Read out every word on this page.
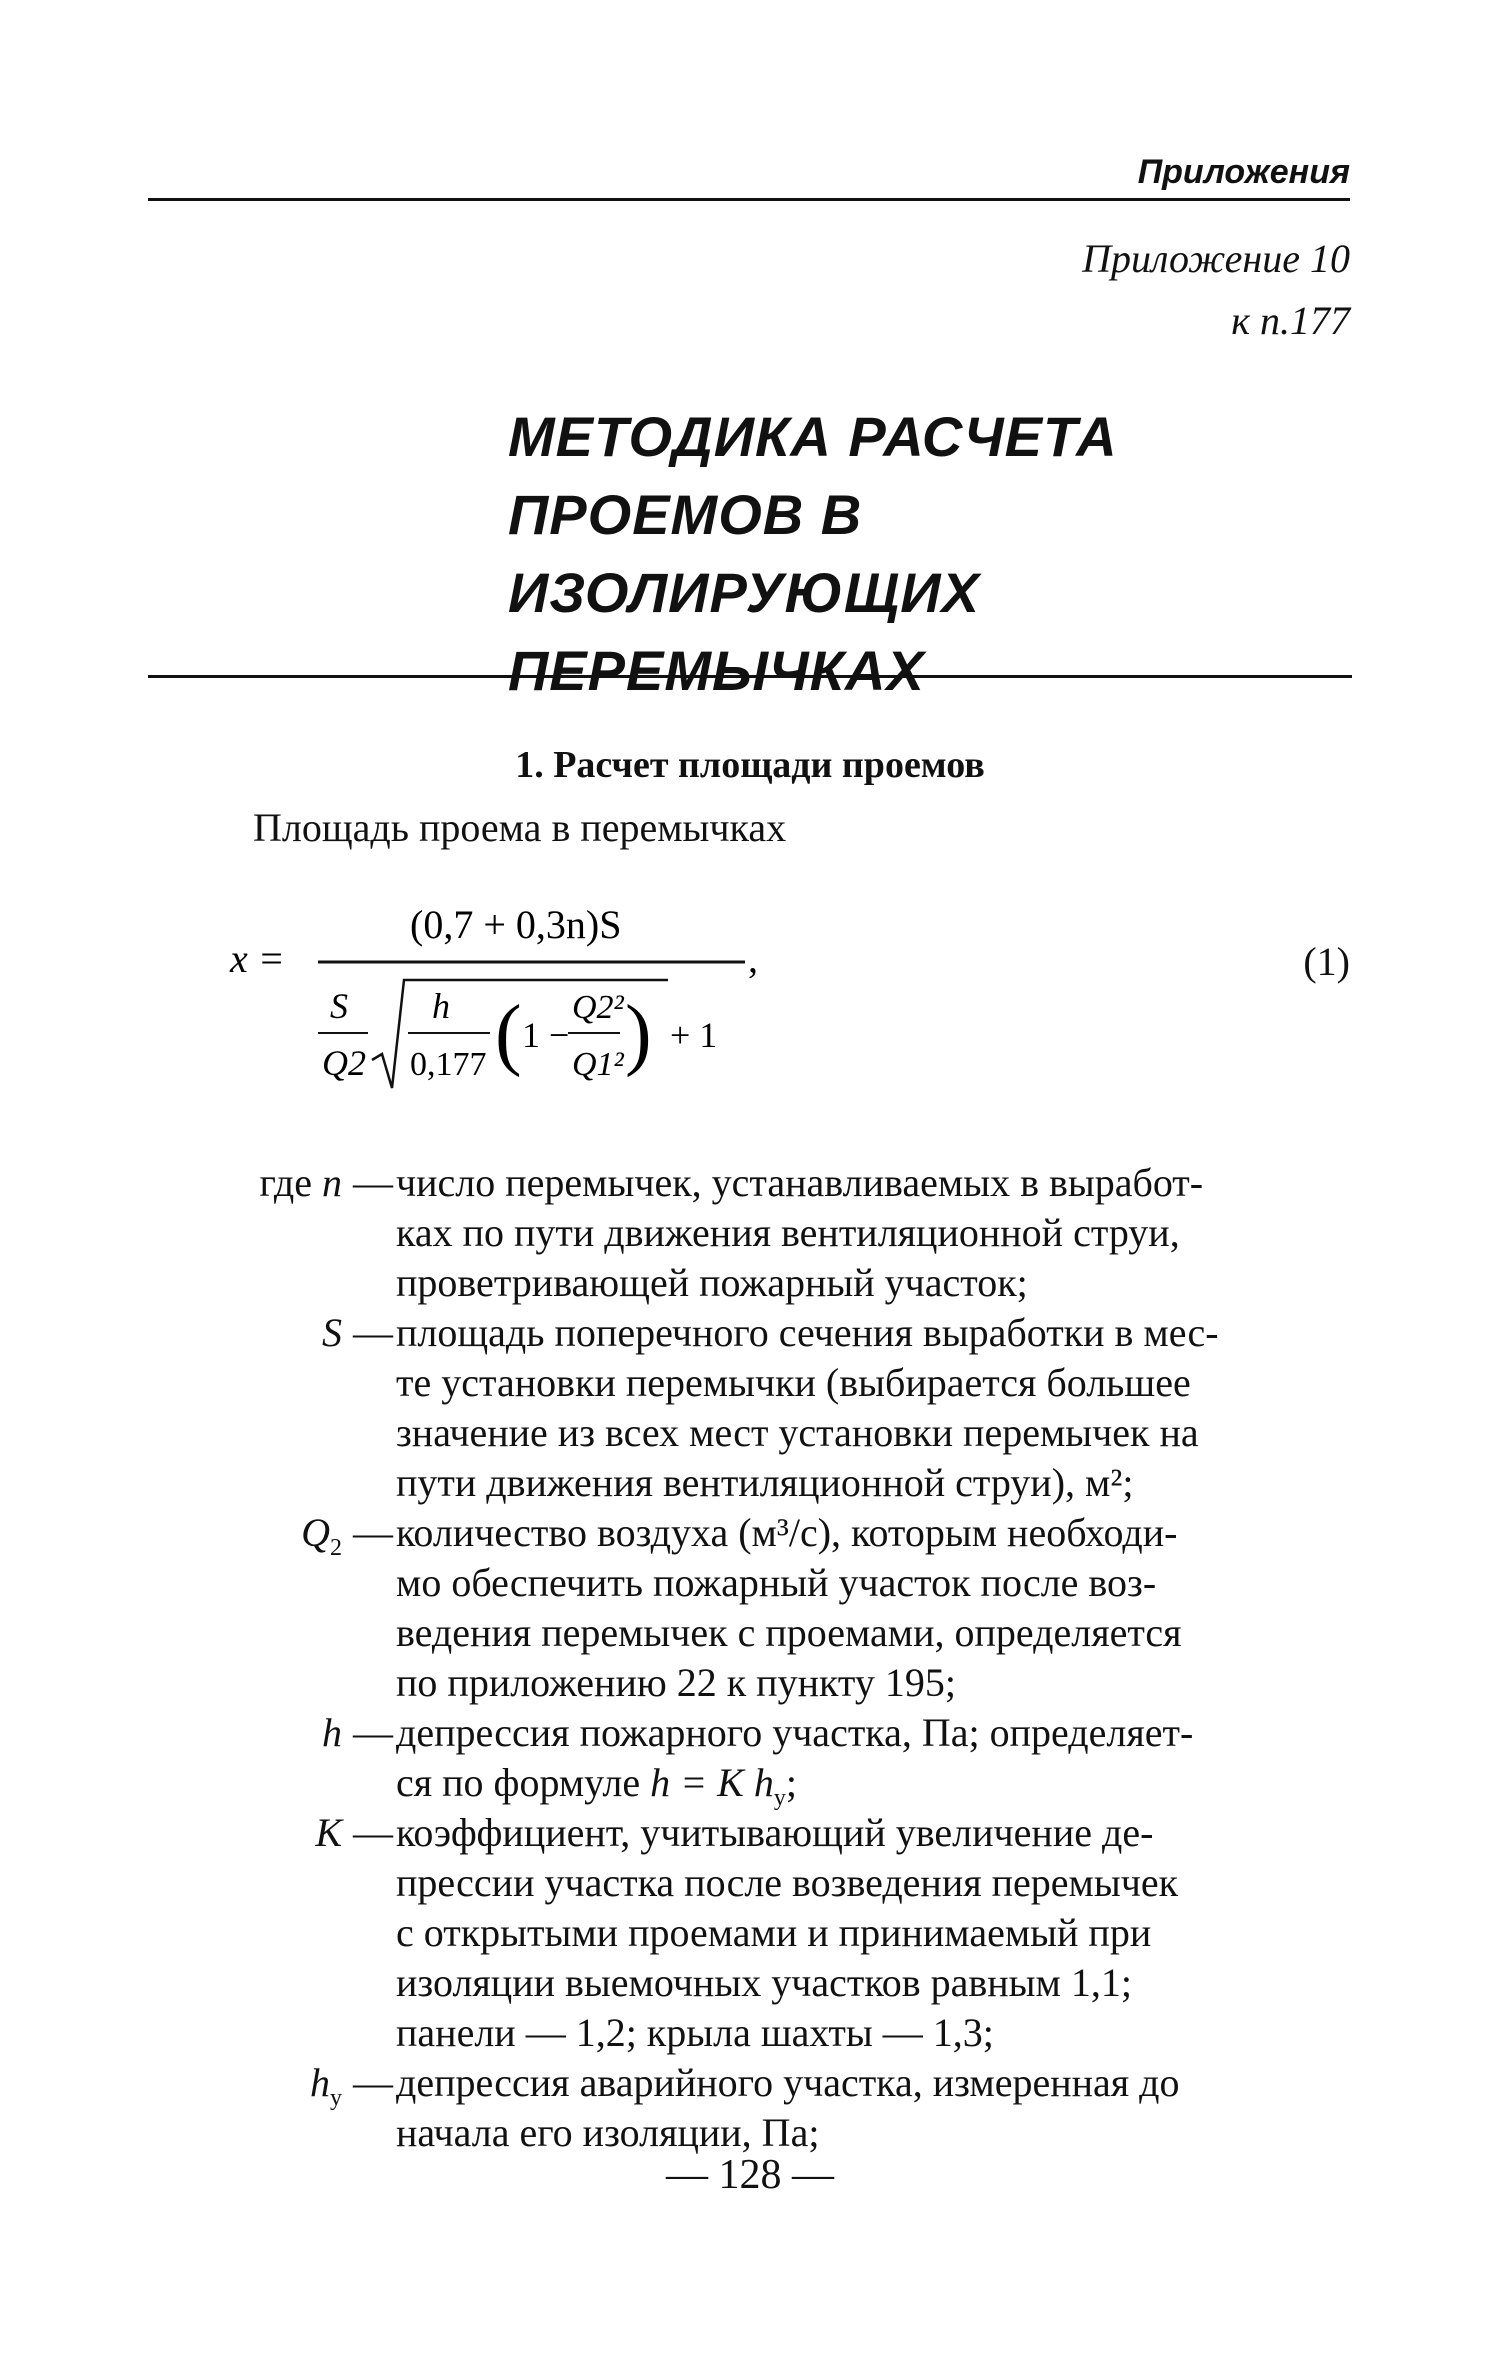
Приложения
Приложение 10
к п.177
МЕТОДИКА РАСЧЕТА
ПРОЕМОВ В
ИЗОЛИРУЮЩИХ
ПЕРЕМЫЧКАХ
1. Расчет площади проемов
Площадь проема в перемычках
x =
(0,7 + 0,3n)S
,
S
Q2
h
0,177 ( 1 −
Q2²
Q1² ) + 1
(1)
где n — число перемычек, устанавливаемых в выработ-

ках по пути движения вентиляционной струи,

проветривающей пожарный участок;

S — площадь поперечного сечения выработки в мес-

те установки перемычки (выбирается большее

значение из всех мест установки перемычек на

пути движения вентиляционной струи), м²;

$Q_2$ — количество воздуха (м³/с), которым необходи-

мо обеспечить пожарный участок после воз-

ведения перемычек с проемами, определяется

по приложению 22 к пункту 195;

h — депрессия пожарного участка, Па; определяет-

ся по формуле h = K $h_у$;

K — коэффициент, учитывающий увеличение де-

прессии участка после возведения перемычек

с открытыми проемами и принимаемый при

изоляции выемочных участков равным 1,1;

панели — 1,2; крыла шахты — 1,3;

$h_у$ — депрессия аварийного участка, измеренная до

начала его изоляции, Па;

— 128 —
